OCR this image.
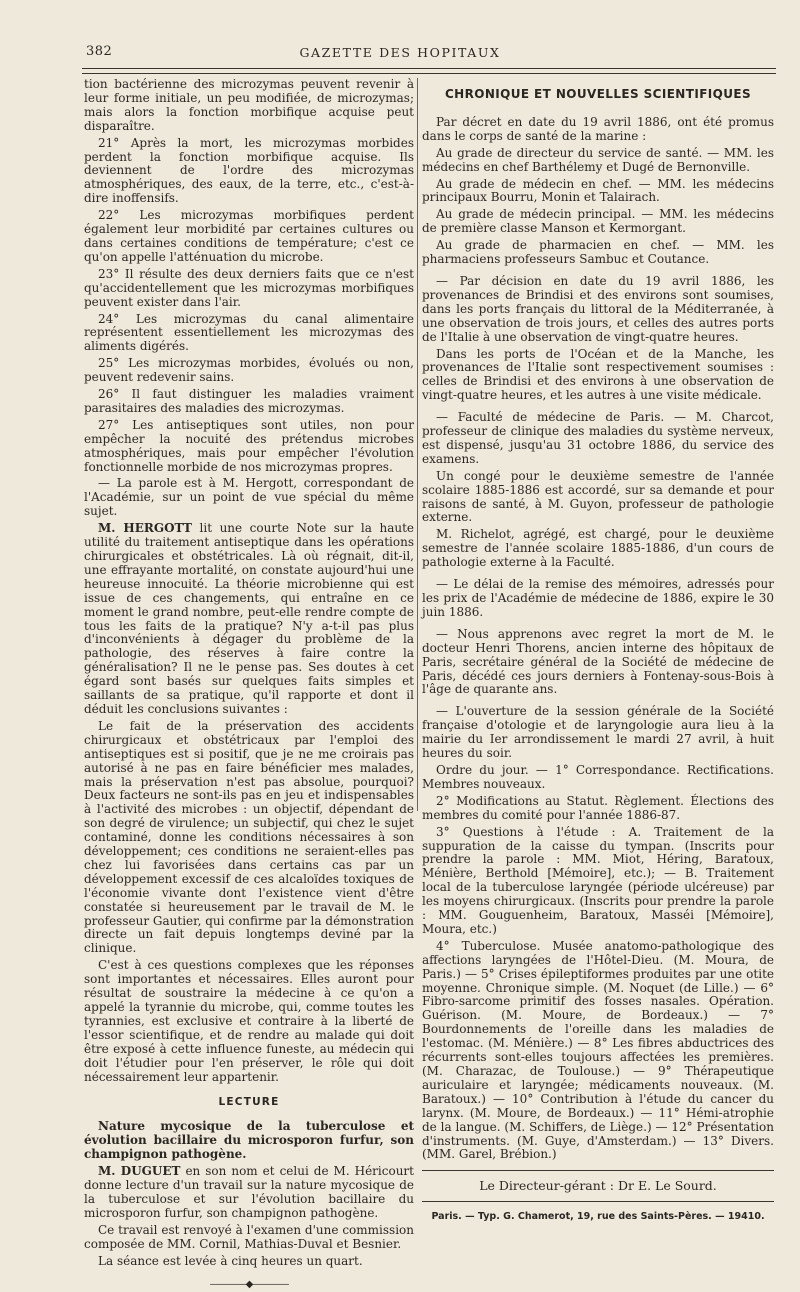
382	GAZETTE DES HOPITAUX

tion bactérienne des microzymas peuvent revenir à leur forme initiale, un peu modifiée, de microzymas; mais alors la fonction morbifique acquise peut disparaître.

21° Après la mort, les microzymas morbides perdent la fonction morbifique acquise. Ils deviennent de l'ordre des microzymas atmosphériques, des eaux, de la terre, etc., c'est-à-dire inoffensifs.

22° Les microzymas morbifiques perdent également leur morbidité par certaines cultures ou dans certaines conditions de température; c'est ce qu'on appelle l'atténuation du microbe.

23° Il résulte des deux derniers faits que ce n'est qu'accidentellement que les microzymas morbifiques peuvent exister dans l'air.

24° Les microzymas du canal alimentaire représentent essentiellement les microzymas des aliments digérés.

25° Les microzymas morbides, évolués ou non, peuvent redevenir sains.

26° Il faut distinguer les maladies vraiment parasitaires des maladies des microzymas.

27° Les antiseptiques sont utiles, non pour empêcher la nocuité des prétendus microbes atmosphériques, mais pour empêcher l'évolution fonctionnelle morbide de nos microzymas propres.

— La parole est à M. Hergott, correspondant de l'Académie, sur un point de vue spécial du même sujet.

M. HERGOTT lit une courte Note sur la haute utilité du traitement antiseptique dans les opérations chirurgicales et obstétricales. Là où régnait, dit-il, une effrayante mortalité, on constate aujourd'hui une heureuse innocuité. La théorie microbienne qui est issue de ces changements, qui entraîne en ce moment le grand nombre, peut-elle rendre compte de tous les faits de la pratique? N'y a-t-il pas plus d'inconvénients à dégager du problème de la pathologie, des réserves à faire contre la généralisation? Il ne le pense pas. Ses doutes à cet égard sont basés sur quelques faits simples et saillants de sa pratique, qu'il rapporte et dont il déduit les conclusions suivantes :

Le fait de la préservation des accidents chirurgicaux et obstétricaux par l'emploi des antiseptiques est si positif, que je ne me croirais pas autorisé à ne pas en faire bénéficier mes malades, mais la préservation n'est pas absolue, pourquoi? Deux facteurs ne sont-ils pas en jeu et indispensables à l'activité des microbes : un objectif, dépendant de son degré de virulence; un subjectif, qui chez le sujet contaminé, donne les conditions nécessaires à son développement; ces conditions ne seraient-elles pas chez lui favorisées dans certains cas par un développement excessif de ces alcaloïdes toxiques de l'économie vivante dont l'existence vient d'être constatée si heureusement par le travail de M. le professeur Gautier, qui confirme par la démonstration directe un fait depuis longtemps deviné par la clinique.

C'est à ces questions complexes que les réponses sont importantes et nécessaires. Elles auront pour résultat de soustraire la médecine à ce qu'on a appelé la tyrannie du microbe, qui, comme toutes les tyrannies, est exclusive et contraire à la liberté de l'essor scientifique, et de rendre au malade qui doit être exposé à cette influence funeste, au médecin qui doit l'étudier pour l'en préserver, le rôle qui doit nécessairement leur appartenir.

LECTURE

Nature mycosique de la tuberculose et évolution bacillaire du microsporon furfur, son champignon pathogène.

M. DUGUET en son nom et celui de M. Héricourt donne lecture d'un travail sur la nature mycosique de la tuberculose et sur l'évolution bacillaire du microsporon furfur, son champignon pathogène.

Ce travail est renvoyé à l'examen d'une commission composée de MM. Cornil, Mathias-Duval et Besnier.

La séance est levée à cinq heures un quart.

————◆————
CHRONIQUE ET NOUVELLES SCIENTIFIQUES

Par décret en date du 19 avril 1886, ont été promus dans le corps de santé de la marine :

Au grade de directeur du service de santé. — MM. les médecins en chef Barthélemy et Dugé de Bernonville.

Au grade de médecin en chef. — MM. les médecins principaux Bourru, Monin et Talairach.

Au grade de médecin principal. — MM. les médecins de première classe Manson et Kermorgant.

Au grade de pharmacien en chef. — MM. les pharmaciens professeurs Sambuc et Coutance.

— Par décision en date du 19 avril 1886, les provenances de Brindisi et des environs sont soumises, dans les ports français du littoral de la Méditerranée, à une observation de trois jours, et celles des autres ports de l'Italie à une observation de vingt-quatre heures.

Dans les ports de l'Océan et de la Manche, les provenances de l'Italie sont respectivement soumises : celles de Brindisi et des environs à une observation de vingt-quatre heures, et les autres à une visite médicale.

— Faculté de médecine de Paris. — M. Charcot, professeur de clinique des maladies du système nerveux, est dispensé, jusqu'au 31 octobre 1886, du service des examens.

Un congé pour le deuxième semestre de l'année scolaire 1885-1886 est accordé, sur sa demande et pour raisons de santé, à M. Guyon, professeur de pathologie externe.

M. Richelot, agrégé, est chargé, pour le deuxième semestre de l'année scolaire 1885-1886, d'un cours de pathologie externe à la Faculté.

— Le délai de la remise des mémoires, adressés pour les prix de l'Académie de médecine de 1886, expire le 30 juin 1886.

— Nous apprenons avec regret la mort de M. le docteur Henri Thorens, ancien interne des hôpitaux de Paris, secrétaire général de la Société de médecine de Paris, décédé ces jours derniers à Fontenay-sous-Bois à l'âge de quarante ans.

— L'ouverture de la session générale de la Société française d'otologie et de laryngologie aura lieu à la mairie du Ier arrondissement le mardi 27 avril, à huit heures du soir.

Ordre du jour. — 1° Correspondance. Rectifications. Membres nouveaux.

2° Modifications au Statut. Règlement. Élections des membres du comité pour l'année 1886-87.

3° Questions à l'étude : A. Traitement de la suppuration de la caisse du tympan. (Inscrits pour prendre la parole : MM. Miot, Héring, Baratoux, Ménière, Berthold [Mémoire], etc.); — B. Traitement local de la tuberculose laryngée (période ulcéreuse) par les moyens chirurgicaux. (Inscrits pour prendre la parole : MM. Gouguenheim, Baratoux, Masséi [Mémoire], Moura, etc.)

4° Tuberculose. Musée anatomo-pathologique des affections laryngées de l'Hôtel-Dieu. (M. Moura, de Paris.) — 5° Crises épileptiformes produites par une otite moyenne. Chronique simple. (M. Noquet (de Lille.) — 6° Fibro-sarcome primitif des fosses nasales. Opération. Guérison. (M. Moure, de Bordeaux.) — 7° Bourdonnements de l'oreille dans les maladies de l'estomac. (M. Ménière.) — 8° Les fibres abductrices des récurrents sont-elles toujours affectées les premières. (M. Charazac, de Toulouse.) — 9° Thérapeutique auriculaire et laryngée; médicaments nouveaux. (M. Baratoux.) — 10° Contribution à l'étude du cancer du larynx. (M. Moure, de Bordeaux.) — 11° Hémi-atrophie de la langue. (M. Schiffers, de Liège.) — 12° Présentation d'instruments. (M. Guye, d'Amsterdam.) — 13° Divers. (MM. Garel, Brébion.)

Le Directeur-gérant : Dr E. Le Sourd.
Paris. — Typ. G. Chamerot, 19, rue des Saints-Pères. — 19410.
